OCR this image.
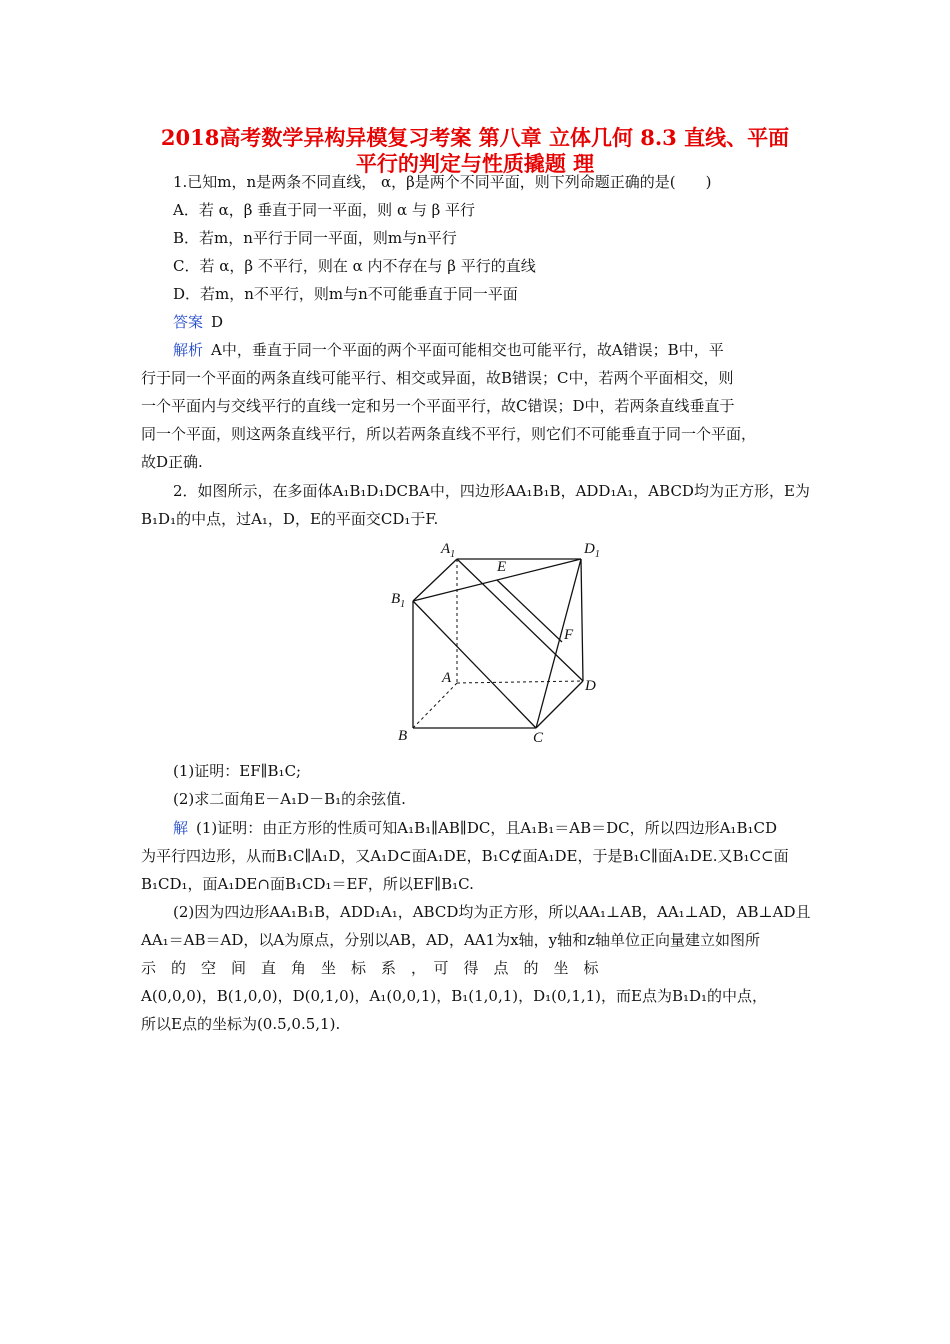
2018高考数学异构异模复习考案 第八章 立体几何 8.3 直线、平面
平行的判定与性质撬题 理
1.已知m，n是两条不同直线， α，β是两个不同平面，则下列命题正确的是(　　)
A．若 α，β 垂直于同一平面，则 α 与 β 平行
B．若m，n平行于同一平面，则m与n平行
C．若 α，β 不平行，则在 α 内不存在与 β 平行的直线
D．若m，n不平行，则m与n不可能垂直于同一平面
答案 D
解析 A中，垂直于同一个平面的两个平面可能相交也可能平行，故A错误；B中，平
行于同一个平面的两条直线可能平行、相交或异面，故B错误；C中，若两个平面相交，则
一个平面内与交线平行的直线一定和另一个平面平行，故C错误；D中，若两条直线垂直于
同一个平面，则这两条直线平行，所以若两条直线不平行，则它们不可能垂直于同一个平面，
故D正确.
2．如图所示，在多面体A₁B₁D₁DCBA中，四边形AA₁B₁B，ADD₁A₁，ABCD均为正方形，E为
B₁D₁的中点，过A₁，D，E的平面交CD₁于F.
$A_1$	$D_1$
$B_1$
E
F
A	D
B	C
(1)证明：EF∥B₁C;
(2)求二面角E－A₁D－B₁的余弦值.
解 (1)证明：由正方形的性质可知A₁B₁∥AB∥DC，且A₁B₁＝AB＝DC，所以四边形A₁B₁CD
为平行四边形，从而B₁C∥A₁D，又A₁D⊂面A₁DE，B₁C⊄面A₁DE，于是B₁C∥面A₁DE.又B₁C⊂面
B₁CD₁，面A₁DE∩面B₁CD₁＝EF，所以EF∥B₁C.
(2)因为四边形AA₁B₁B，ADD₁A₁，ABCD均为正方形，所以AA₁⊥AB，AA₁⊥AD，AB⊥AD且
AA₁＝AB＝AD，以A为原点，分别以AB，AD，AA1为x轴，y轴和z轴单位正向量建立如图所
示　的　空　间　直　角　坐　标　系　，　可　得　点　的　坐　标
A(0,0,0)，B(1,0,0)，D(0,1,0)，A₁(0,0,1)，B₁(1,0,1)，D₁(0,1,1)，而E点为B₁D₁的中点，
所以E点的坐标为(0.5,0.5,1).
